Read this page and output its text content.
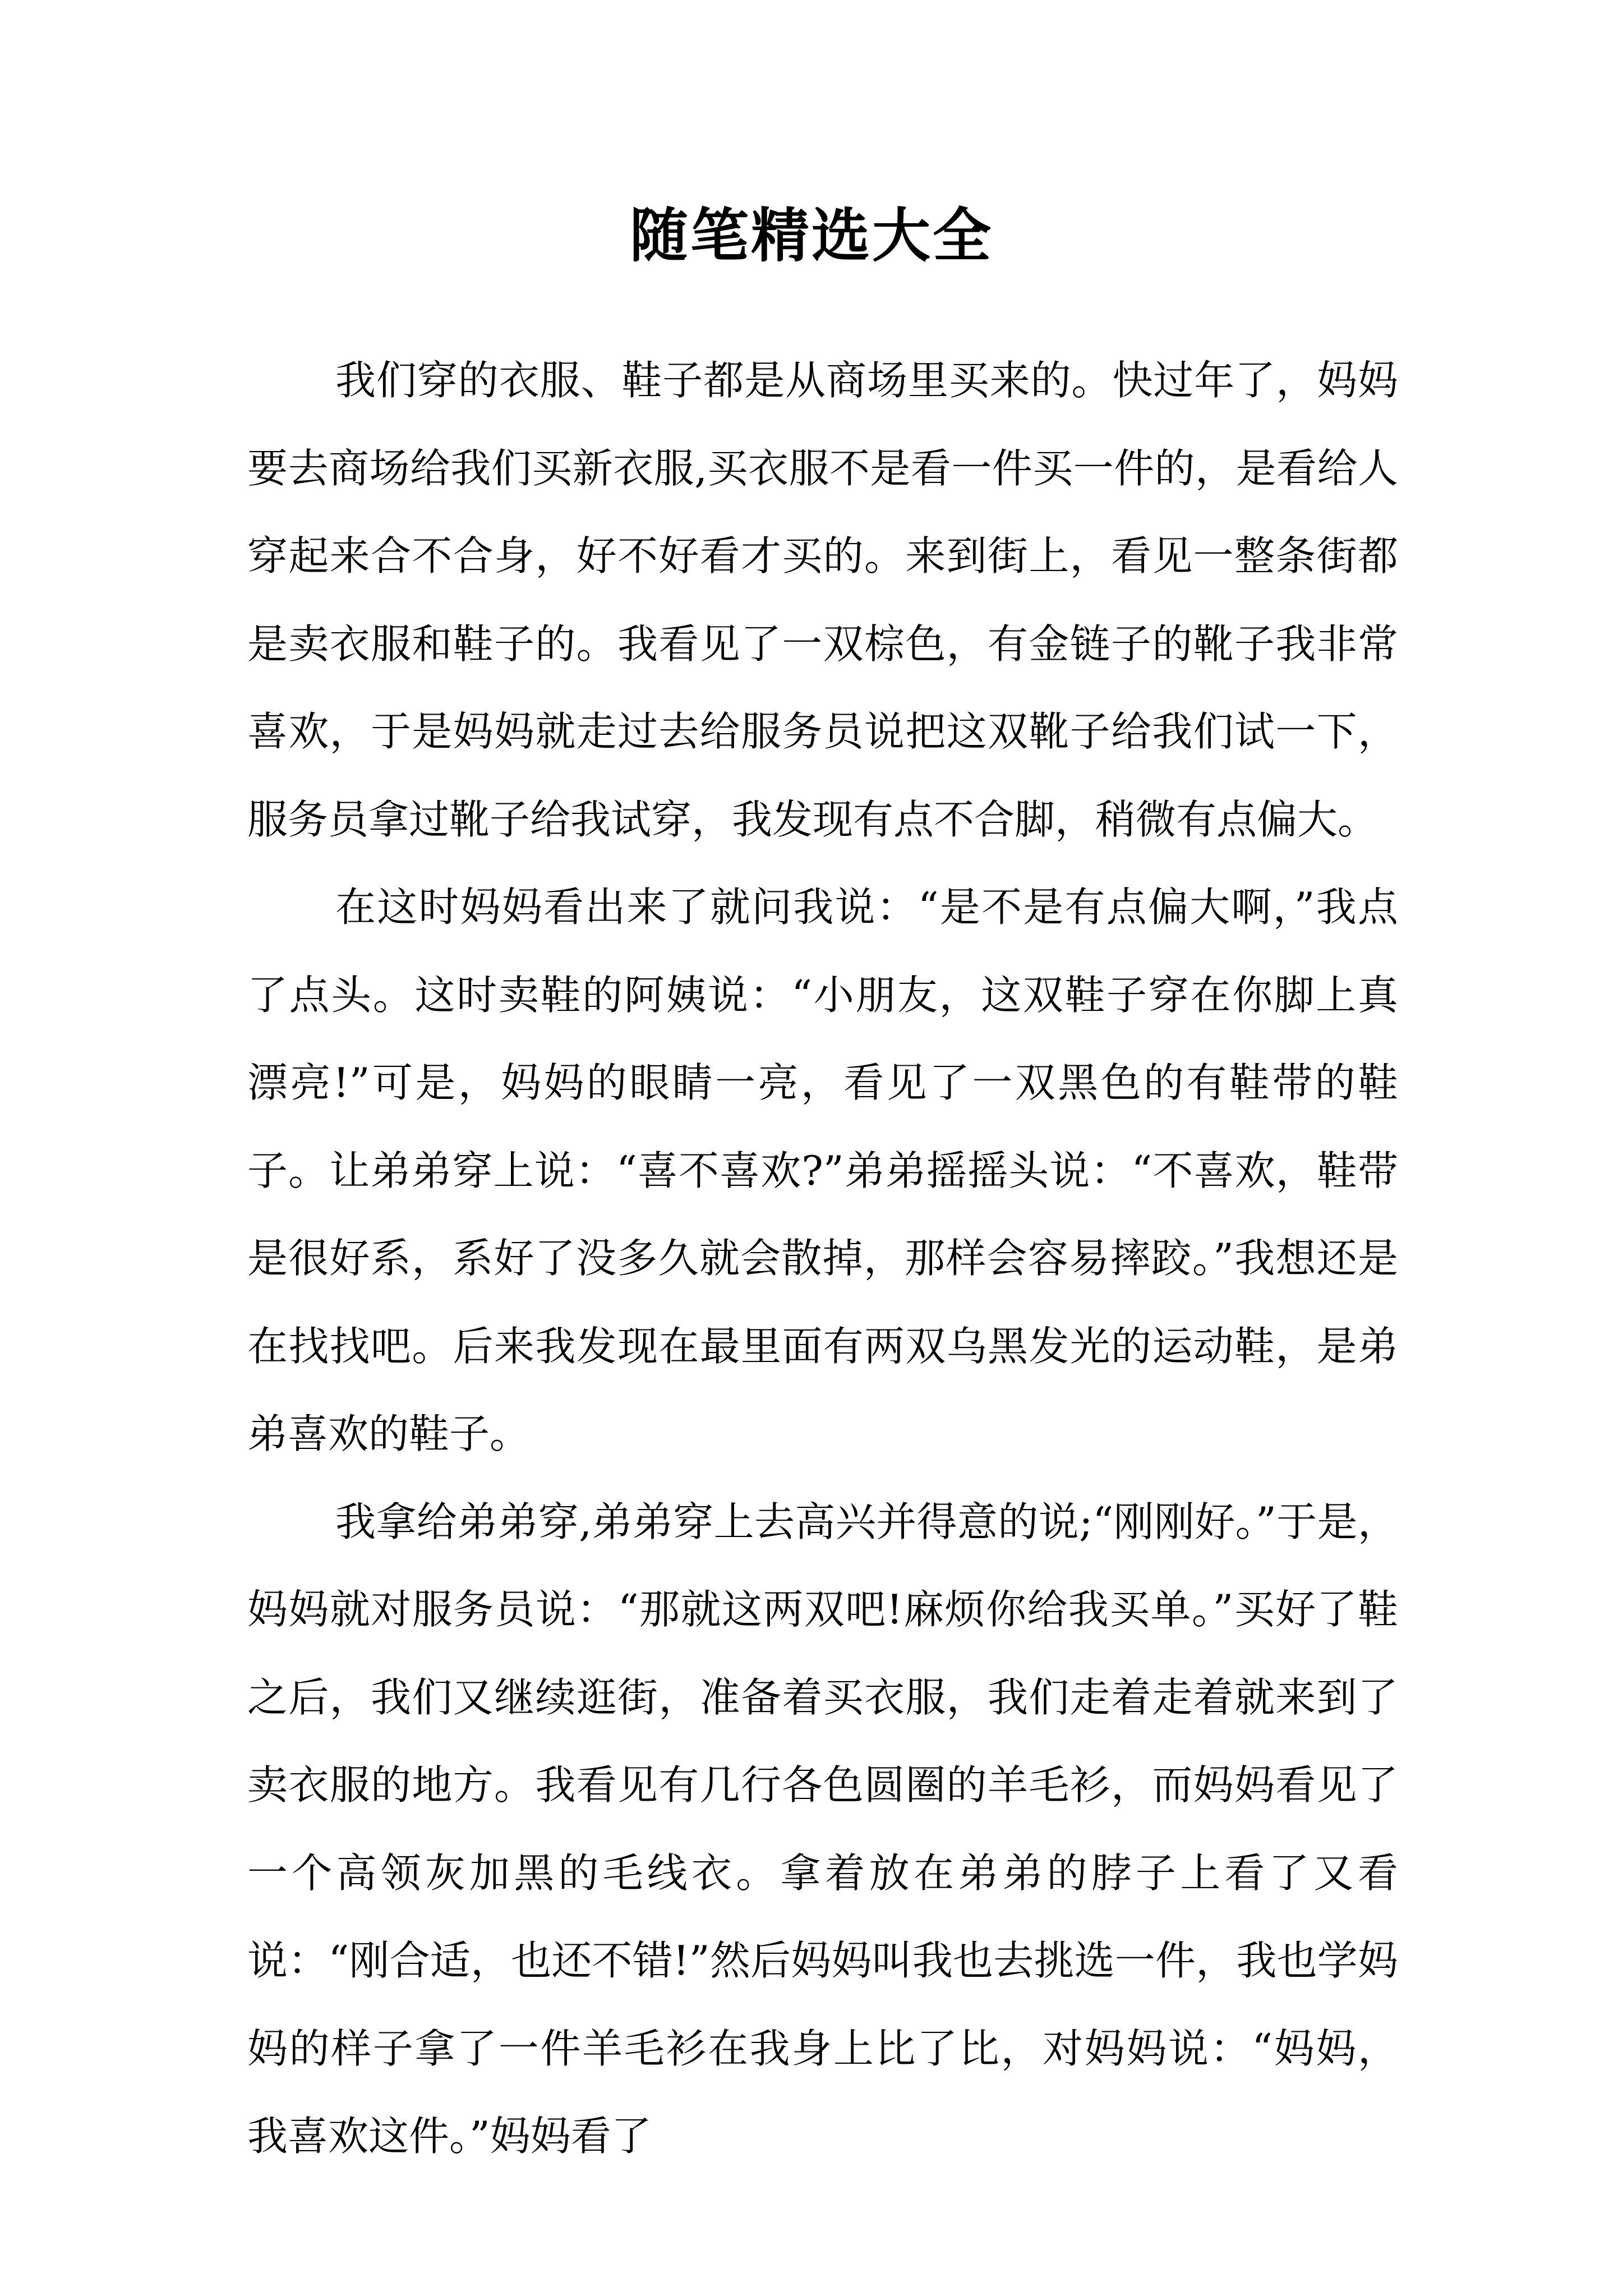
随笔精选大全

我们穿的衣服、鞋子都是从商场里买来的。快过年了，妈妈要去商场给我们买新衣服,买衣服不是看一件买一件的，是看给人穿起来合不合身，好不好看才买的。来到街上，看见一整条街都是卖衣服和鞋子的。我看见了一双棕色，有金链子的靴子我非常喜欢，于是妈妈就走过去给服务员说把这双靴子给我们试一下，服务员拿过靴子给我试穿，我发现有点不合脚，稍微有点偏大。

在这时妈妈看出来了就问我说：“是不是有点偏大啊，”我点了点头。这时卖鞋的阿姨说：“小朋友，这双鞋子穿在你脚上真漂亮!”可是，妈妈的眼睛一亮，看见了一双黑色的有鞋带的鞋子。让弟弟穿上说：“喜不喜欢?”弟弟摇摇头说：“不喜欢，鞋带是很好系，系好了没多久就会散掉，那样会容易摔跤。”我想还是在找找吧。后来我发现在最里面有两双乌黑发光的运动鞋，是弟弟喜欢的鞋子。

我拿给弟弟穿,弟弟穿上去高兴并得意的说;“刚刚好。”于是，妈妈就对服务员说：“那就这两双吧!麻烦你给我买单。”买好了鞋之后，我们又继续逛街，准备着买衣服，我们走着走着就来到了卖衣服的地方。我看见有几行各色圆圈的羊毛衫，而妈妈看见了一个高领灰加黑的毛线衣。拿着放在弟弟的脖子上看了又看说：“刚合适，也还不错!”然后妈妈叫我也去挑选一件，我也学妈妈的样子拿了一件羊毛衫在我身上比了比，对妈妈说：“妈妈，我喜欢这件。”妈妈看了
